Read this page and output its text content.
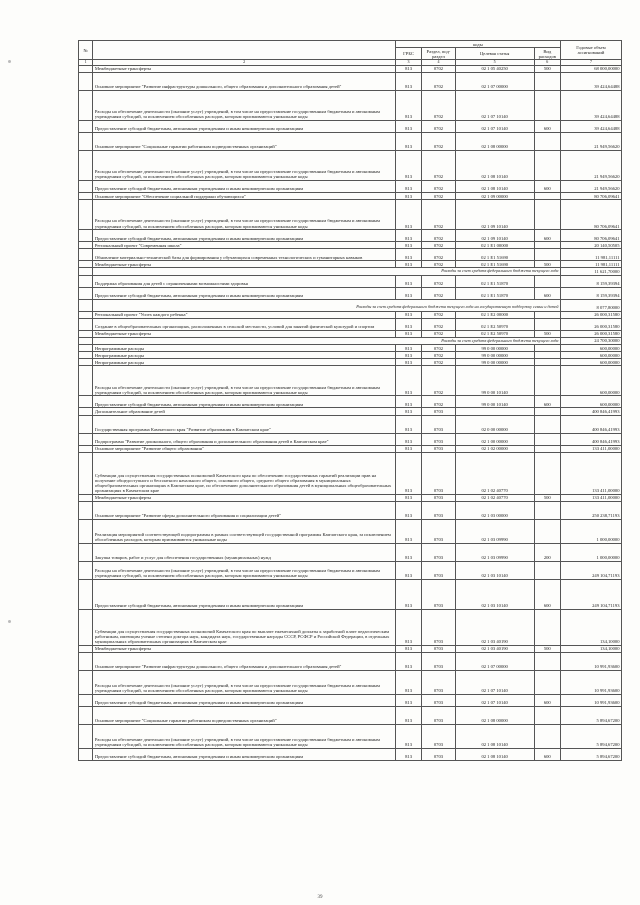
№		коды				Годовые объем ассигнований
		ГРБС	Раздел, под-раздел	Целевая статья	Вид расходов	
1	2	3	4	5	6	7
	Межбюджетные трансферты	813	0702	02 1 05 40250	500	68 000,00000
	Основное мероприятие "Развитие инфраструктуры дошкольного, общего образования и дополнительного образования детей"	813	0702	02 1 07 00000		39 424,64488
	Расходы на обеспечение деятельности (оказание услуг) учреждений, в том числе на предоставление государственным бюджетным и автономным учреждениям субсидий, за исключением обособленных расходов, которым присваиваются уникальные коды	813	0702	02 1 07 10140		39 424,64488
	Предоставление субсидий бюджетным, автономным учреждениям и иным некоммерческим организациям	813	0702	02 1 07 10140	600	39 424,64488
	Основное мероприятие "Социальные гарантии работникам подведомственных организаций"	813	0702	02 1 08 00000		21 949,56620
	Расходы на обеспечение деятельности (оказание услуг) учреждений, в том числе на предоставление государственным бюджетным и автономным учреждениям субсидий, за исключением обособленных расходов, которым присваиваются уникальные коды	813	0702	02 1 08 10140		21 949,56620
	Предоставление субсидий бюджетным, автономным учреждениям и иным некоммерческим организациям	813	0702	02 1 08 10140	600	21 949,56620
	Основное мероприятие "Обеспечение социальной поддержки обучающихся"	813	0702	02 1 09 00000		80 706,09641
	Расходы на обеспечение деятельности (оказание услуг) учреждений, в том числе на предоставление государственным бюджетным и автономным учреждениям субсидий, за исключением обособленных расходов, которым присваиваются уникальные коды	813	0702	02 1 09 10140		80 706,09641
	Предоставление субсидий бюджетным, автономным учреждениям и иным некоммерческим организациям	813	0702	02 1 09 10140	600	80 706,09641
	Региональный проект "Современная школа"	813	0702	02 1 E1 00000		20 140,50505
	Обновление материально-технической базы для формирования у обучающихся современных технологических и гуманитарных навыков	813	0702	02 1 E1 51690		11 981,11111
	Межбюджетные трансферты	813	0702	02 1 E1 51690	500	11 981,11111
	Расходы за счет средств федерального бюджета текущего года					11 621,70000
	Поддержка образования для детей с ограниченными возможностями здоровья	813	0702	02 1 E1 51870		8 159,39394
	Предоставление субсидий бюджетным, автономным учреждениям и иным некоммерческим организациям	813	0702	02 1 E1 51870	600	8 159,39394
	Расходы за счет средств федерального бюджета текущего года на государственную поддержку семьи и детей					8 077,80000
	Региональный проект "Успех каждого ребенка"	813	0702	02 1 E2 00000		26 000,31580
	Создание в общеобразовательных организациях, расположенных в сельской местности, условий для занятий физической культурой и спортом	813	0702	02 1 E2 50970		26 000,31580
	Межбюджетные трансферты	813	0702	02 1 E2 50970	500	26 000,31580
	Расходы за счет средств федерального бюджета текущего года					24 700,30000
	Непрограммные расходы	813	0702	99 0 00 00000		600,00000
	Непрограммные расходы	813	0702	99 0 00 00000		600,00000
	Непрограммные расходы	813	0702	99 0 00 00000		600,00000
	Расходы на обеспечение деятельности (оказание услуг) учреждений, в том числе на предоставление государственным бюджетным и автономным учреждениям субсидий, за исключением обособленных расходов, которым присваиваются уникальные коды	813	0702	99 0 00 10140		600,00000
	Предоставление субсидий бюджетным, автономным учреждениям и иным некоммерческим организациям	813	0702	99 0 00 10140	600	600,00000
	Дополнительное образование детей	813	0703			400 846,41993
	Государственная программа Камчатского края "Развитие образования в Камчатском крае"	813	0703	02 0 00 00000		400 846,41993
	Подпрограмма "Развитие дошкольного, общего образования и дополнительного образования детей в Камчатском крае"	813	0703	02 1 00 00000		400 846,41993
	Основное мероприятие "Развитие общего образования"	813	0703	02 1 02 00000		133 411,00000
	Субвенции для осуществления государственных полномочий Камчатского края по обеспечению государственных гарантий реализации прав на получение общедоступного и бесплатного начального общего, основного общего, среднего общего образования в муниципальных общеобразовательных организациях в Камчатском крае, по обеспечению дополнительного образования детей в муниципальных общеобразовательных организациях в Камчатском крае	813	0703	02 1 02 40770		133 411,00000
	Межбюджетные трансферты	813	0703	02 1 02 40770	500	133 411,00000
	Основное мероприятие "Развитие сферы дополнительного образования и социализации детей"	813	0703	02 1 03 00000		250 238,71193
	Реализация мероприятий соответствующей подпрограммы в рамках соответствующей государственной программы Камчатского края, за исключением обособленных расходов, которым присваиваются уникальные коды	813	0703	02 1 03 09990		1 000,00000
	Закупка товаров, работ и услуг для обеспечения государственных (муниципальных) нужд	813	0703	02 1 03 09990	200	1 000,00000
	Расходы на обеспечение деятельности (оказание услуг) учреждений, в том числе на предоставление государственным бюджетным и автономным учреждениям субсидий, за исключением обособленных расходов, которым присваиваются уникальные коды	813	0703	02 1 03 10140		249 104,71193
	Предоставление субсидий бюджетным, автономным учреждениям и иным некоммерческим организациям	813	0703	02 1 03 10140	600	249 104,71193
	Субвенции для осуществления государственных полномочий Камчатского края по выплате ежемесячной доплаты к заработной плате педагогическим работникам, имеющим ученые степени доктора наук, кандидата наук, государственные награды СССР, РСФСР и Российской Федерации, в отдельных муниципальных образовательных организациях в Камчатском крае	813	0703	02 1 03 40190		134,10000
	Межбюджетные трансферты	813	0703	02 1 03 40190	500	134,10000
	Основное мероприятие "Развитие инфраструктуры дошкольного, общего образования и дополнительного образования детей"	813	0703	02 1 07 00000		10 991,93600
	Расходы на обеспечение деятельности (оказание услуг) учреждений, в том числе на предоставление государственным бюджетным и автономным учреждениям субсидий, за исключением обособленных расходов, которым присваиваются уникальные коды	813	0703	02 1 07 10140		10 991,93600
	Предоставление субсидий бюджетным, автономным учреждениям и иным некоммерческим организациям	813	0703	02 1 07 10140	600	10 991,93600
	Основное мероприятие "Социальные гарантии работникам подведомственных организаций"	813	0703	02 1 08 00000		5 894,67200
	Расходы на обеспечение деятельности (оказание услуг) учреждений, в том числе на предоставление государственным бюджетным и автономным учреждениям субсидий, за исключением обособленных расходов, которым присваиваются уникальные коды	813	0703	02 1 08 10140		5 894,67200
	Предоставление субсидий бюджетным, автономным учреждениям и иным некоммерческим организациям	813	0703	02 1 08 10140	600	5 894,67200
39
